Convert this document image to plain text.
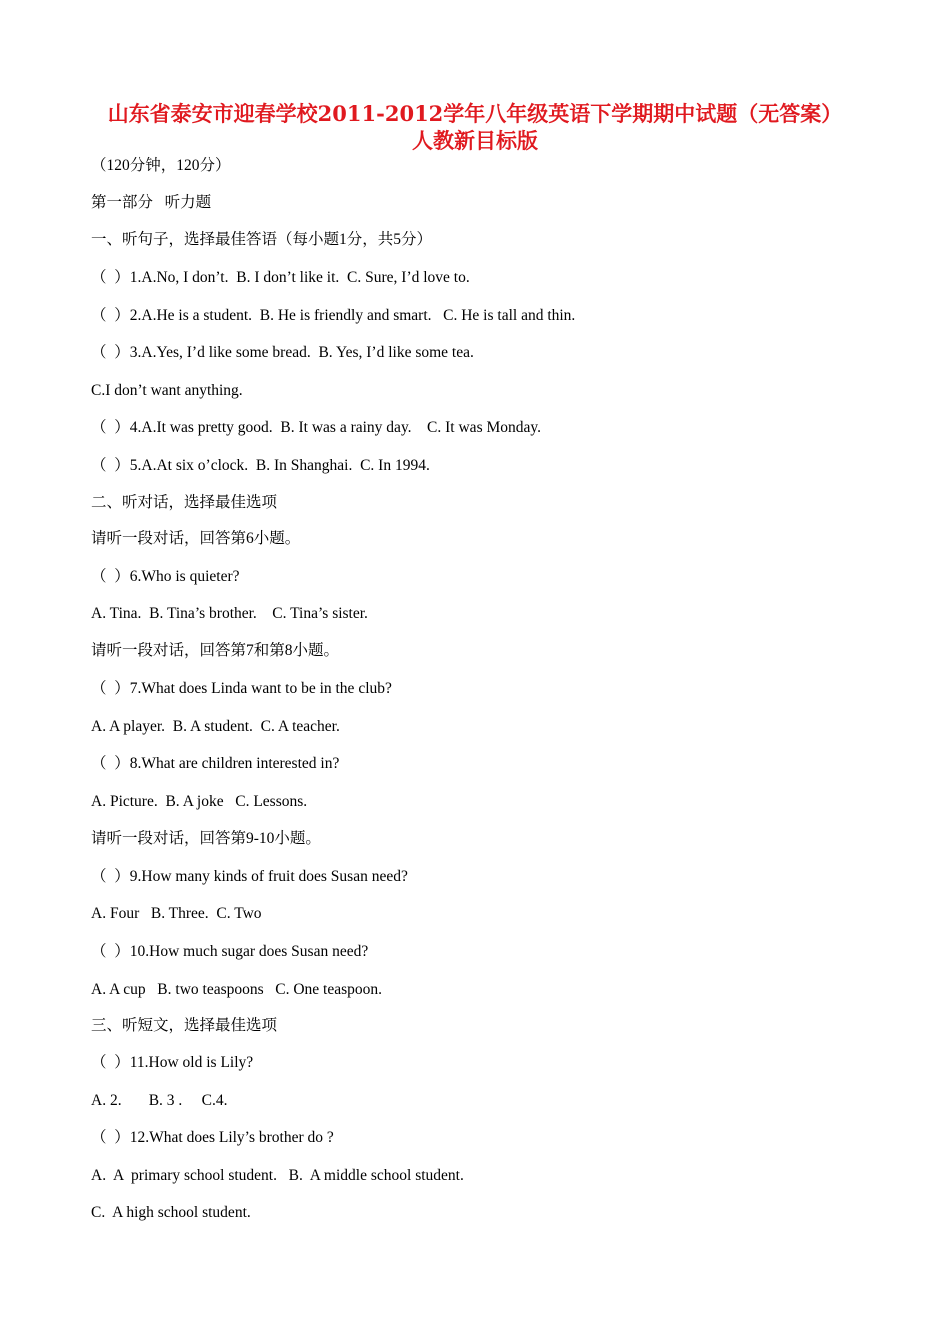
山东省泰安市迎春学校2011-2012学年八年级英语下学期期中试题（无答案）
人教新目标版
（120分钟，120分）
第一部分   听力题
一、听句子，选择最佳答语（每小题1分，共5分）
（  ）1.A.No, I don’t.  B. I don’t like it.  C. Sure, I’d love to.
（  ）2.A.He is a student.  B. He is friendly and smart.   C. He is tall and thin.
（  ）3.A.Yes, I’d like some bread.  B. Yes, I’d like some tea.
C.I don’t want anything.
（  ）4.A.It was pretty good.  B. It was a rainy day.    C. It was Monday.
（  ）5.A.At six o’clock.  B. In Shanghai.  C. In 1994.
二、听对话，选择最佳选项
请听一段对话，回答第6小题。
（  ）6.Who is quieter?
A. Tina.  B. Tina’s brother.    C. Tina’s sister.
请听一段对话，回答第7和第8小题。
（  ）7.What does Linda want to be in the club?
A. A player.  B. A student.  C. A teacher.
（  ）8.What are children interested in?
A. Picture.  B. A joke   C. Lessons.
请听一段对话，回答第9-10小题。
（  ）9.How many kinds of fruit does Susan need?
A. Four   B. Three.  C. Two
（  ）10.How much sugar does Susan need?
A. A cup   B. two teaspoons   C. One teaspoon.
三、听短文，选择最佳选项
（  ）11.How old is Lily?
A. 2.       B. 3 .     C.4.
（  ）12.What does Lily’s brother do ?
A.  A  primary school student.   B.  A middle school student.
C.  A high school student.
